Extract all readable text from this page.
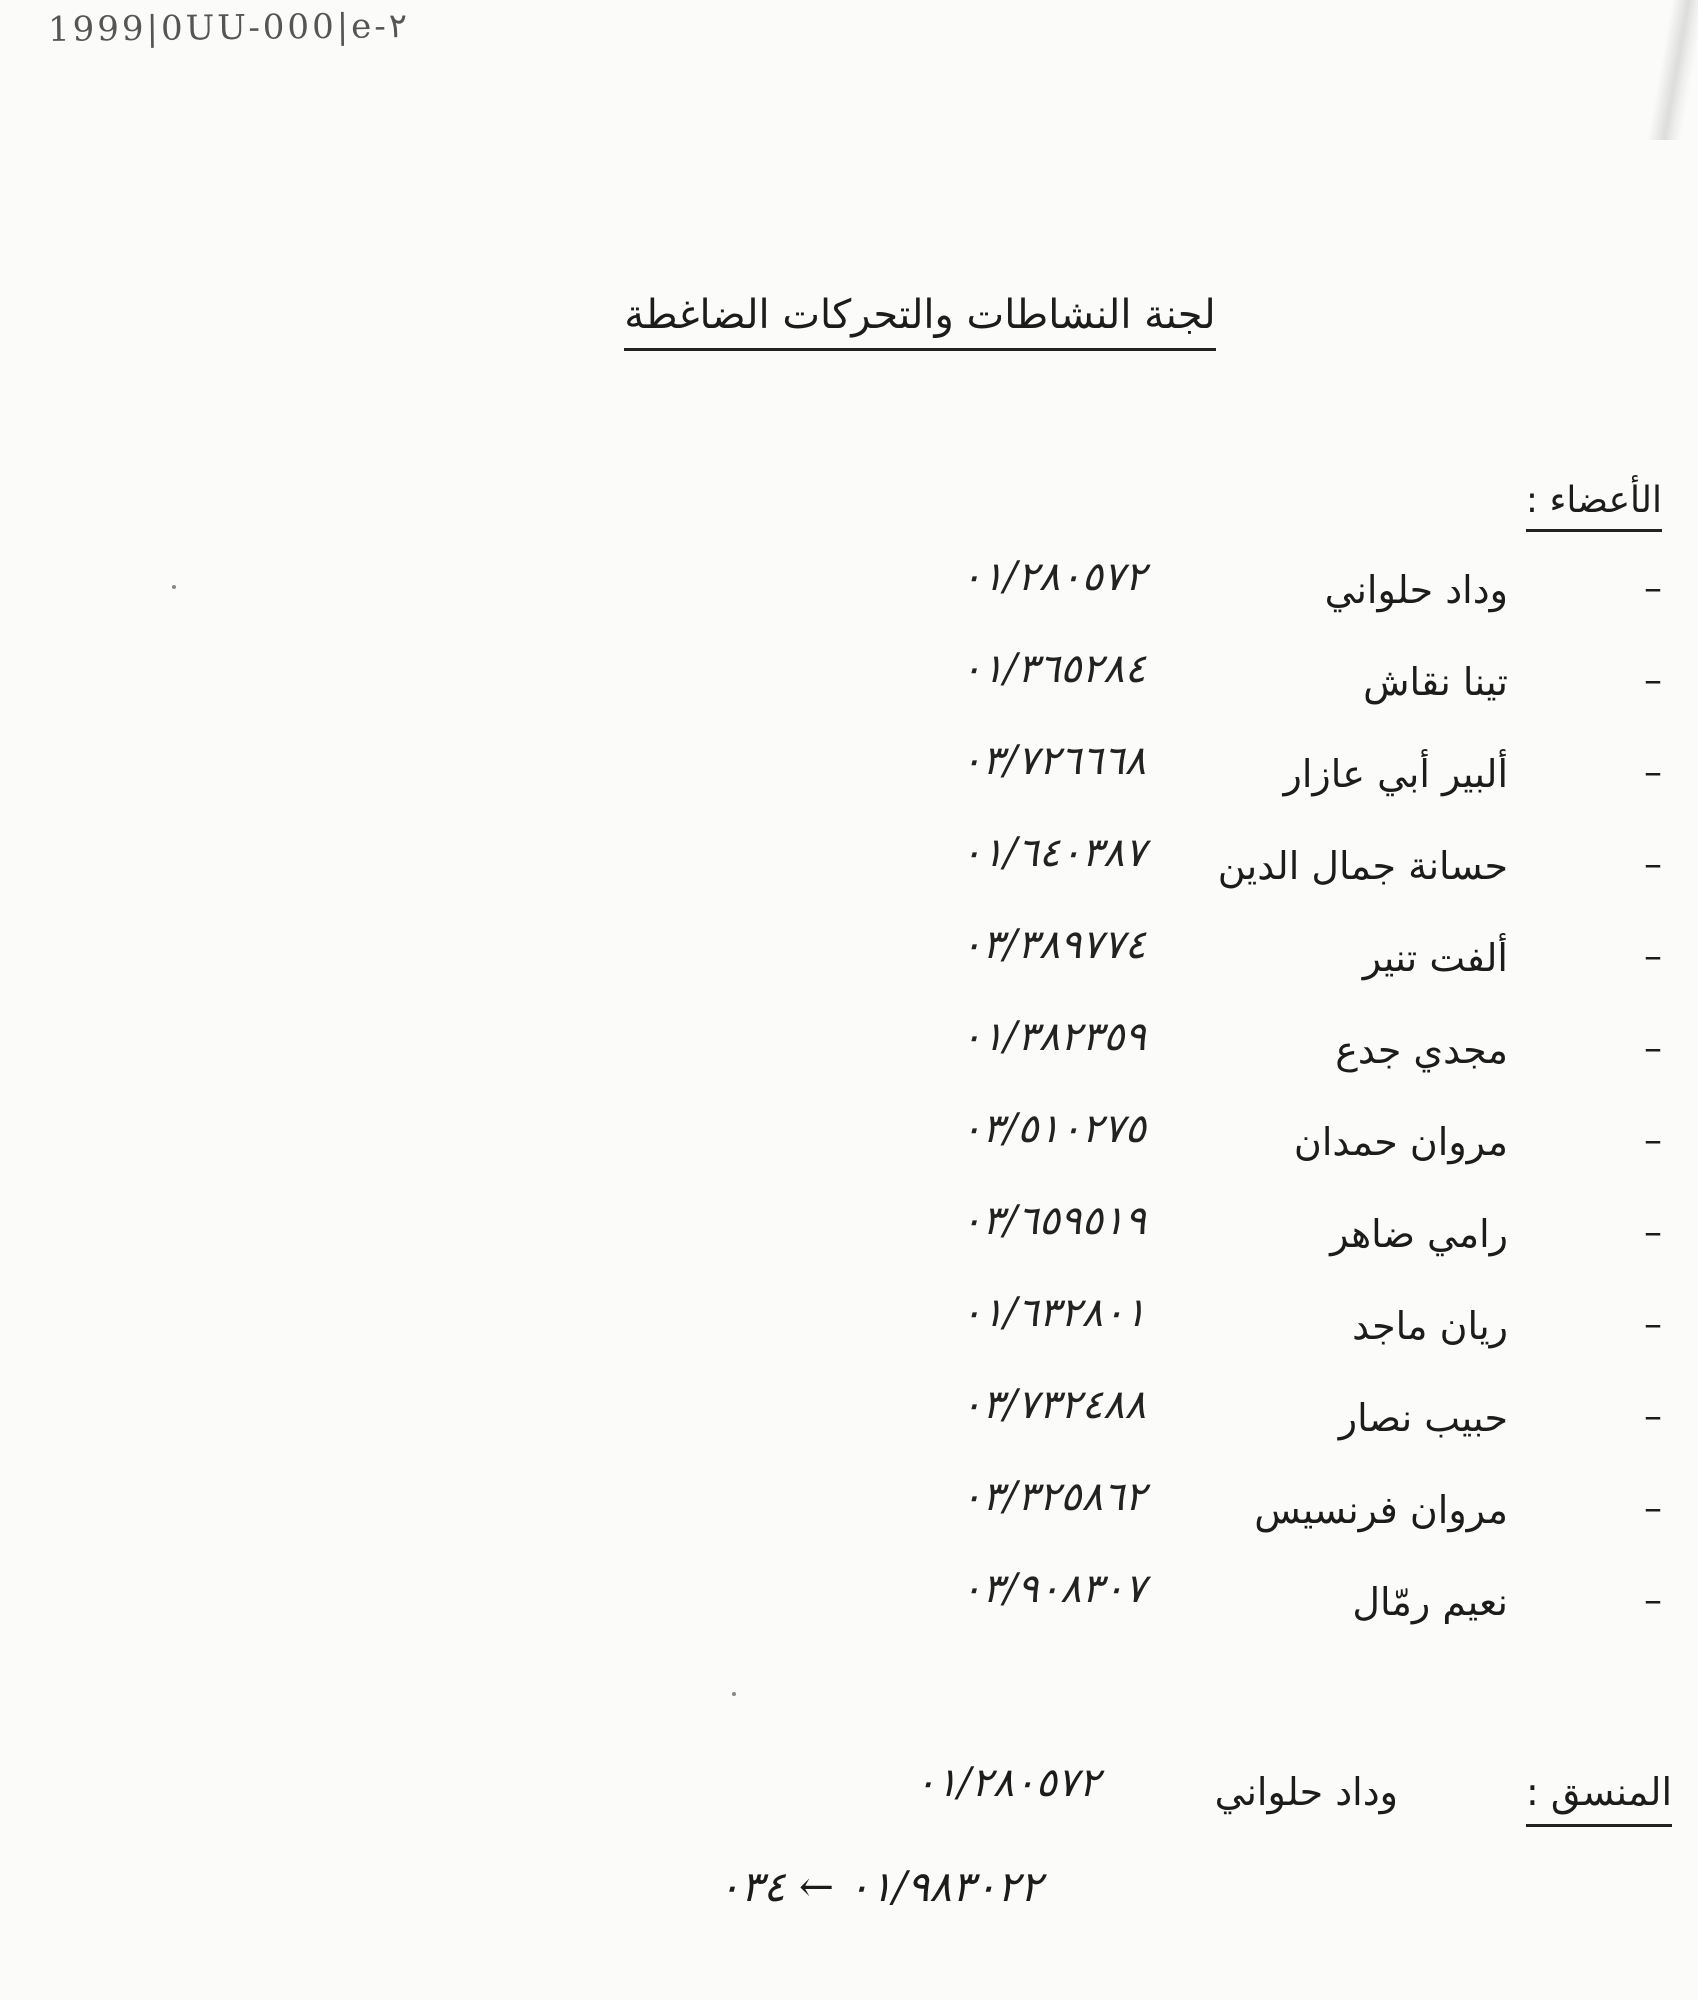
1999|0UU-000|e-٢
لجنة النشاطات والتحركات الضاغطة
الأعضاء :
–
وداد حلواني
٠١/٢٨٠٥٧٢
–
تينا نقاش
٠١/٣٦٥٢٨٤
–
ألبير أبي عازار
٠٣/٧٢٦٦٦٨
–
حسانة جمال الدين
٠١/٦٤٠٣٨٧
–
ألفت تنير
٠٣/٣٨٩٧٧٤
–
مجدي جدع
٠١/٣٨٢٣٥٩
–
مروان حمدان
٠٣/٥١٠٢٧٥
–
رامي ضاهر
٠٣/٦٥٩٥١٩
–
ريان ماجد
٠١/٦٣٢٨٠١
–
حبيب نصار
٠٣/٧٣٢٤٨٨
–
مروان فرنسيس
٠٣/٣٢٥٨٦٢
–
نعيم رمّال
٠٣/٩٠٨٣٠٧
المنسق :
وداد حلواني
٠١/٢٨٠٥٧٢
٠١/٩٨٣٠٢٢ ← ٠٣٤
